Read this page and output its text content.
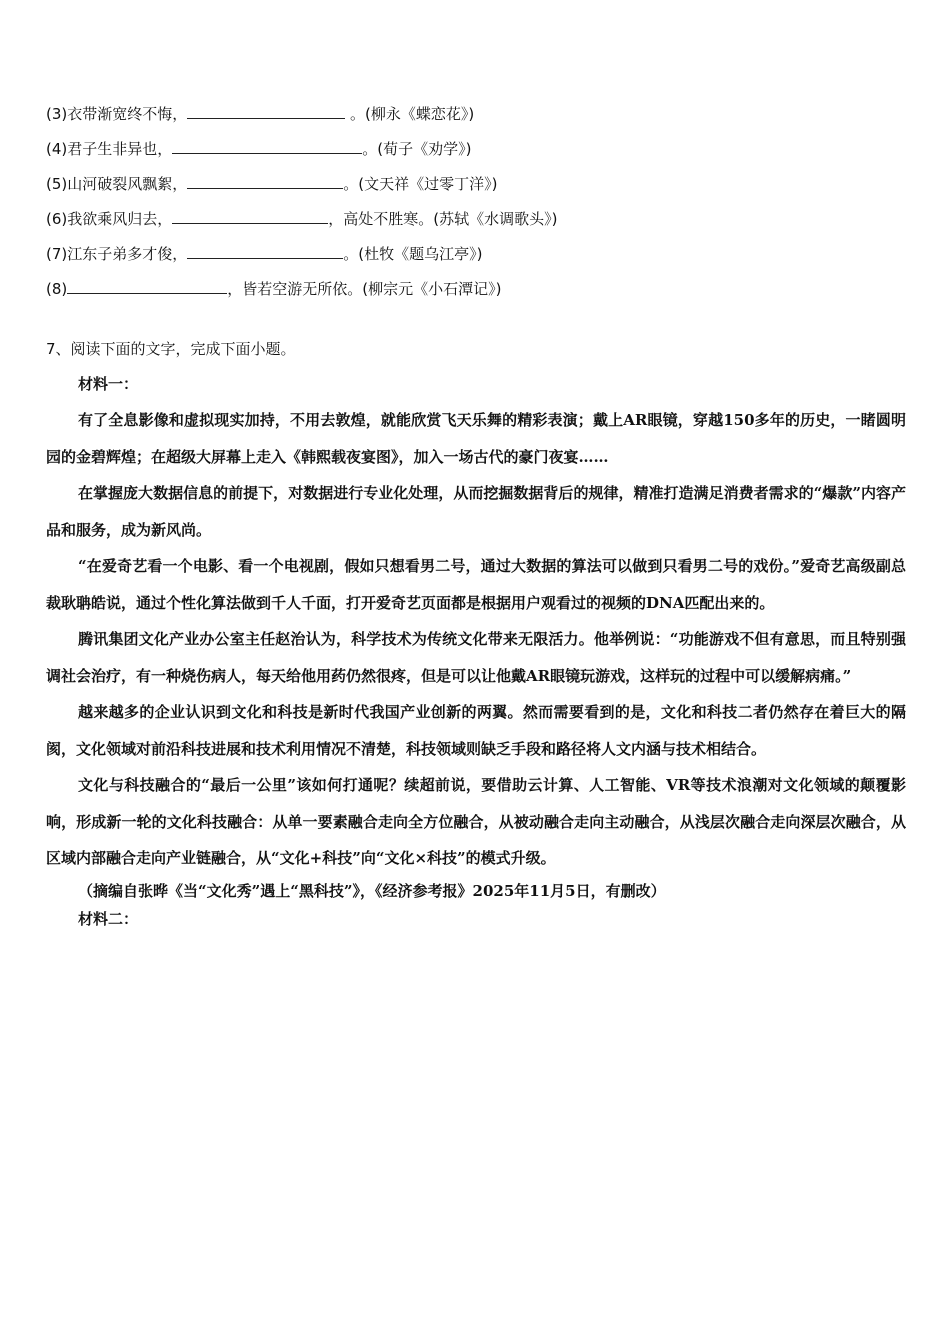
(3)衣带渐宽终不悔，	。(柳永《蝶恋花》)
(4)君子生非异也，	。(荀子《劝学》)
(5)山河破裂风飘絮，	。(文天祥《过零丁洋》)
(6)我欲乘风归去，	，高处不胜寒。(苏轼《水调歌头》)
(7)江东子弟多才俊，	。(杜牧《题乌江亭》)
(8)	，皆若空游无所依。(柳宗元《小石潭记》)
7、阅读下面的文字，完成下面小题。

材料一：

有了全息影像和虚拟现实加持，不用去敦煌，就能欣赏飞天乐舞的精彩表演；戴上AR眼镜，穿越150多年的历史，一睹圆明园的金碧辉煌；在超级大屏幕上走入《韩熙载夜宴图》，加入一场古代的豪门夜宴……

在掌握庞大数据信息的前提下，对数据进行专业化处理，从而挖掘数据背后的规律，精准打造满足消费者需求的“爆款”内容产品和服务，成为新风尚。

“在爱奇艺看一个电影、看一个电视剧，假如只想看男二号，通过大数据的算法可以做到只看男二号的戏份。”爱奇艺高级副总裁耿聃皓说，通过个性化算法做到千人千面，打开爱奇艺页面都是根据用户观看过的视频的DNA匹配出来的。

腾讯集团文化产业办公室主任赵治认为，科学技术为传统文化带来无限活力。他举例说：“功能游戏不但有意思，而且特别强调社会治疗，有一种烧伤病人，每天给他用药仍然很疼，但是可以让他戴AR眼镜玩游戏，这样玩的过程中可以缓解病痛。”

越来越多的企业认识到文化和科技是新时代我国产业创新的两翼。然而需要看到的是，文化和科技二者仍然存在着巨大的隔阂，文化领域对前沿科技进展和技术利用情况不清楚，科技领域则缺乏手段和路径将人文内涵与技术相结合。

文化与科技融合的“最后一公里”该如何打通呢？续超前说，要借助云计算、人工智能、VR等技术浪潮对文化领域的颠覆影响，形成新一轮的文化科技融合：从单一要素融合走向全方位融合，从被动融合走向主动融合，从浅层次融合走向深层次融合，从区域内部融合走向产业链融合，从“文化+科技”向“文化×科技”的模式升级。

（摘编自张晔《当“文化秀”遇上“黑科技”》，《经济参考报》2025年11月5日，有删改）

材料二：
